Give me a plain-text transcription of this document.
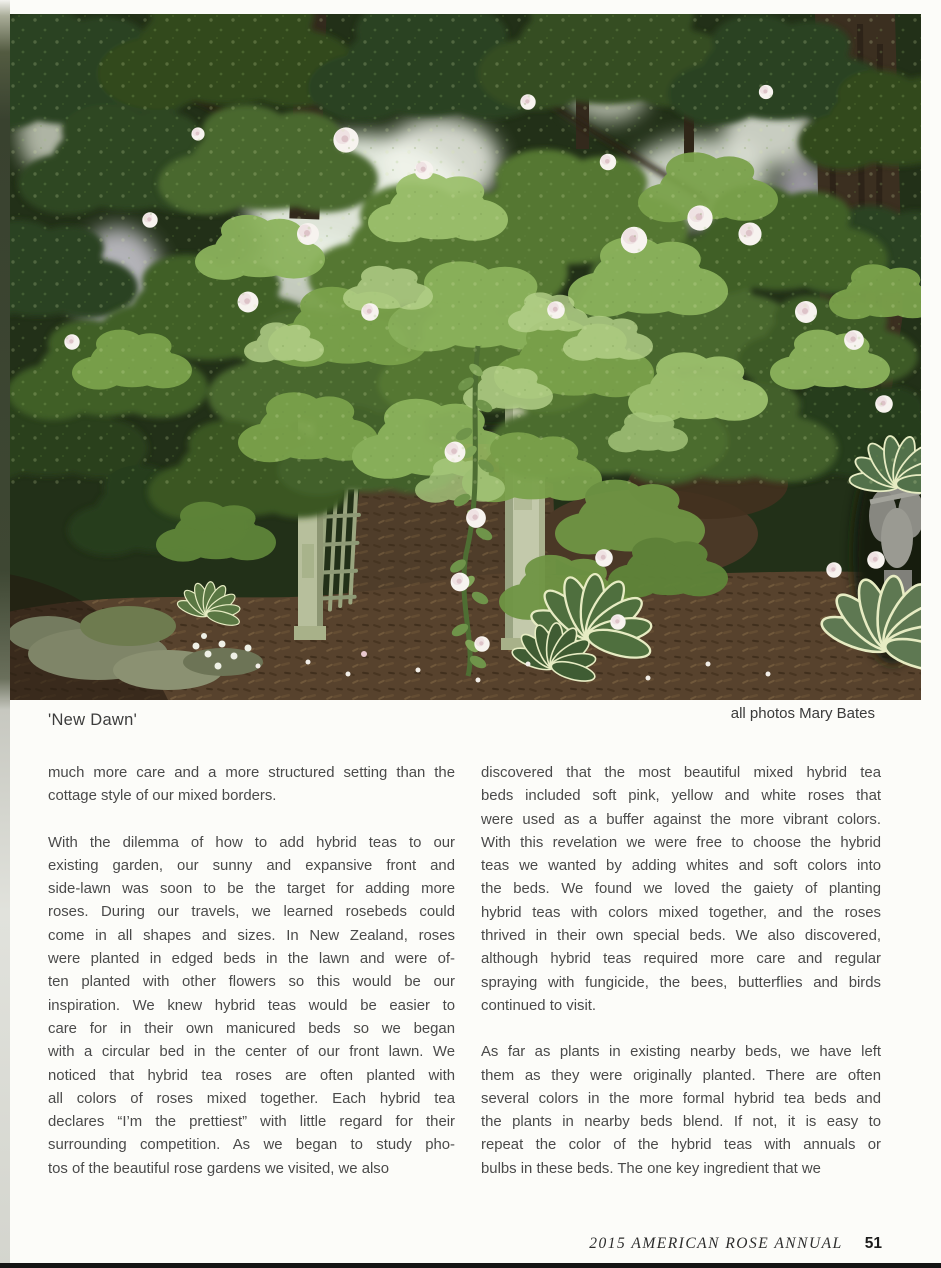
'New Dawn'	all photos Mary Bates
much more care and a more structured setting than the
cottage style of our mixed borders.
With the dilemma of how to add hybrid teas to our
existing garden, our sunny and expansive front and
side-lawn was soon to be the target for adding more
roses. During our travels, we learned rosebeds could
come in all shapes and sizes. In New Zealand, roses
were planted in edged beds in the lawn and were of-
ten planted with other flowers so this would be our
inspiration. We knew hybrid teas would be easier to
care for in their own manicured beds so we began
with a circular bed in the center of our front lawn. We
noticed that hybrid tea roses are often planted with
all colors of roses mixed together. Each hybrid tea
declares “I’m the prettiest” with little regard for their
surrounding competition. As we began to study pho-
tos of the beautiful rose gardens we visited, we also
discovered that the most beautiful mixed hybrid tea
beds included soft pink, yellow and white roses that
were used as a buffer against the more vibrant colors.
With this revelation we were free to choose the hybrid
teas we wanted by adding whites and soft colors into
the beds. We found we loved the gaiety of planting
hybrid teas with colors mixed together, and the roses
thrived in their own special beds. We also discovered,
although hybrid teas required more care and regular
spraying with fungicide, the bees, butterflies and birds
continued to visit.
As far as plants in existing nearby beds, we have left
them as they were originally planted. There are often
several colors in the more formal hybrid tea beds and
the plants in nearby beds blend. If not, it is easy to
repeat the color of the hybrid teas with annuals or
bulbs in these beds. The one key ingredient that we
2015 AMERICAN ROSE ANNUAL 51
